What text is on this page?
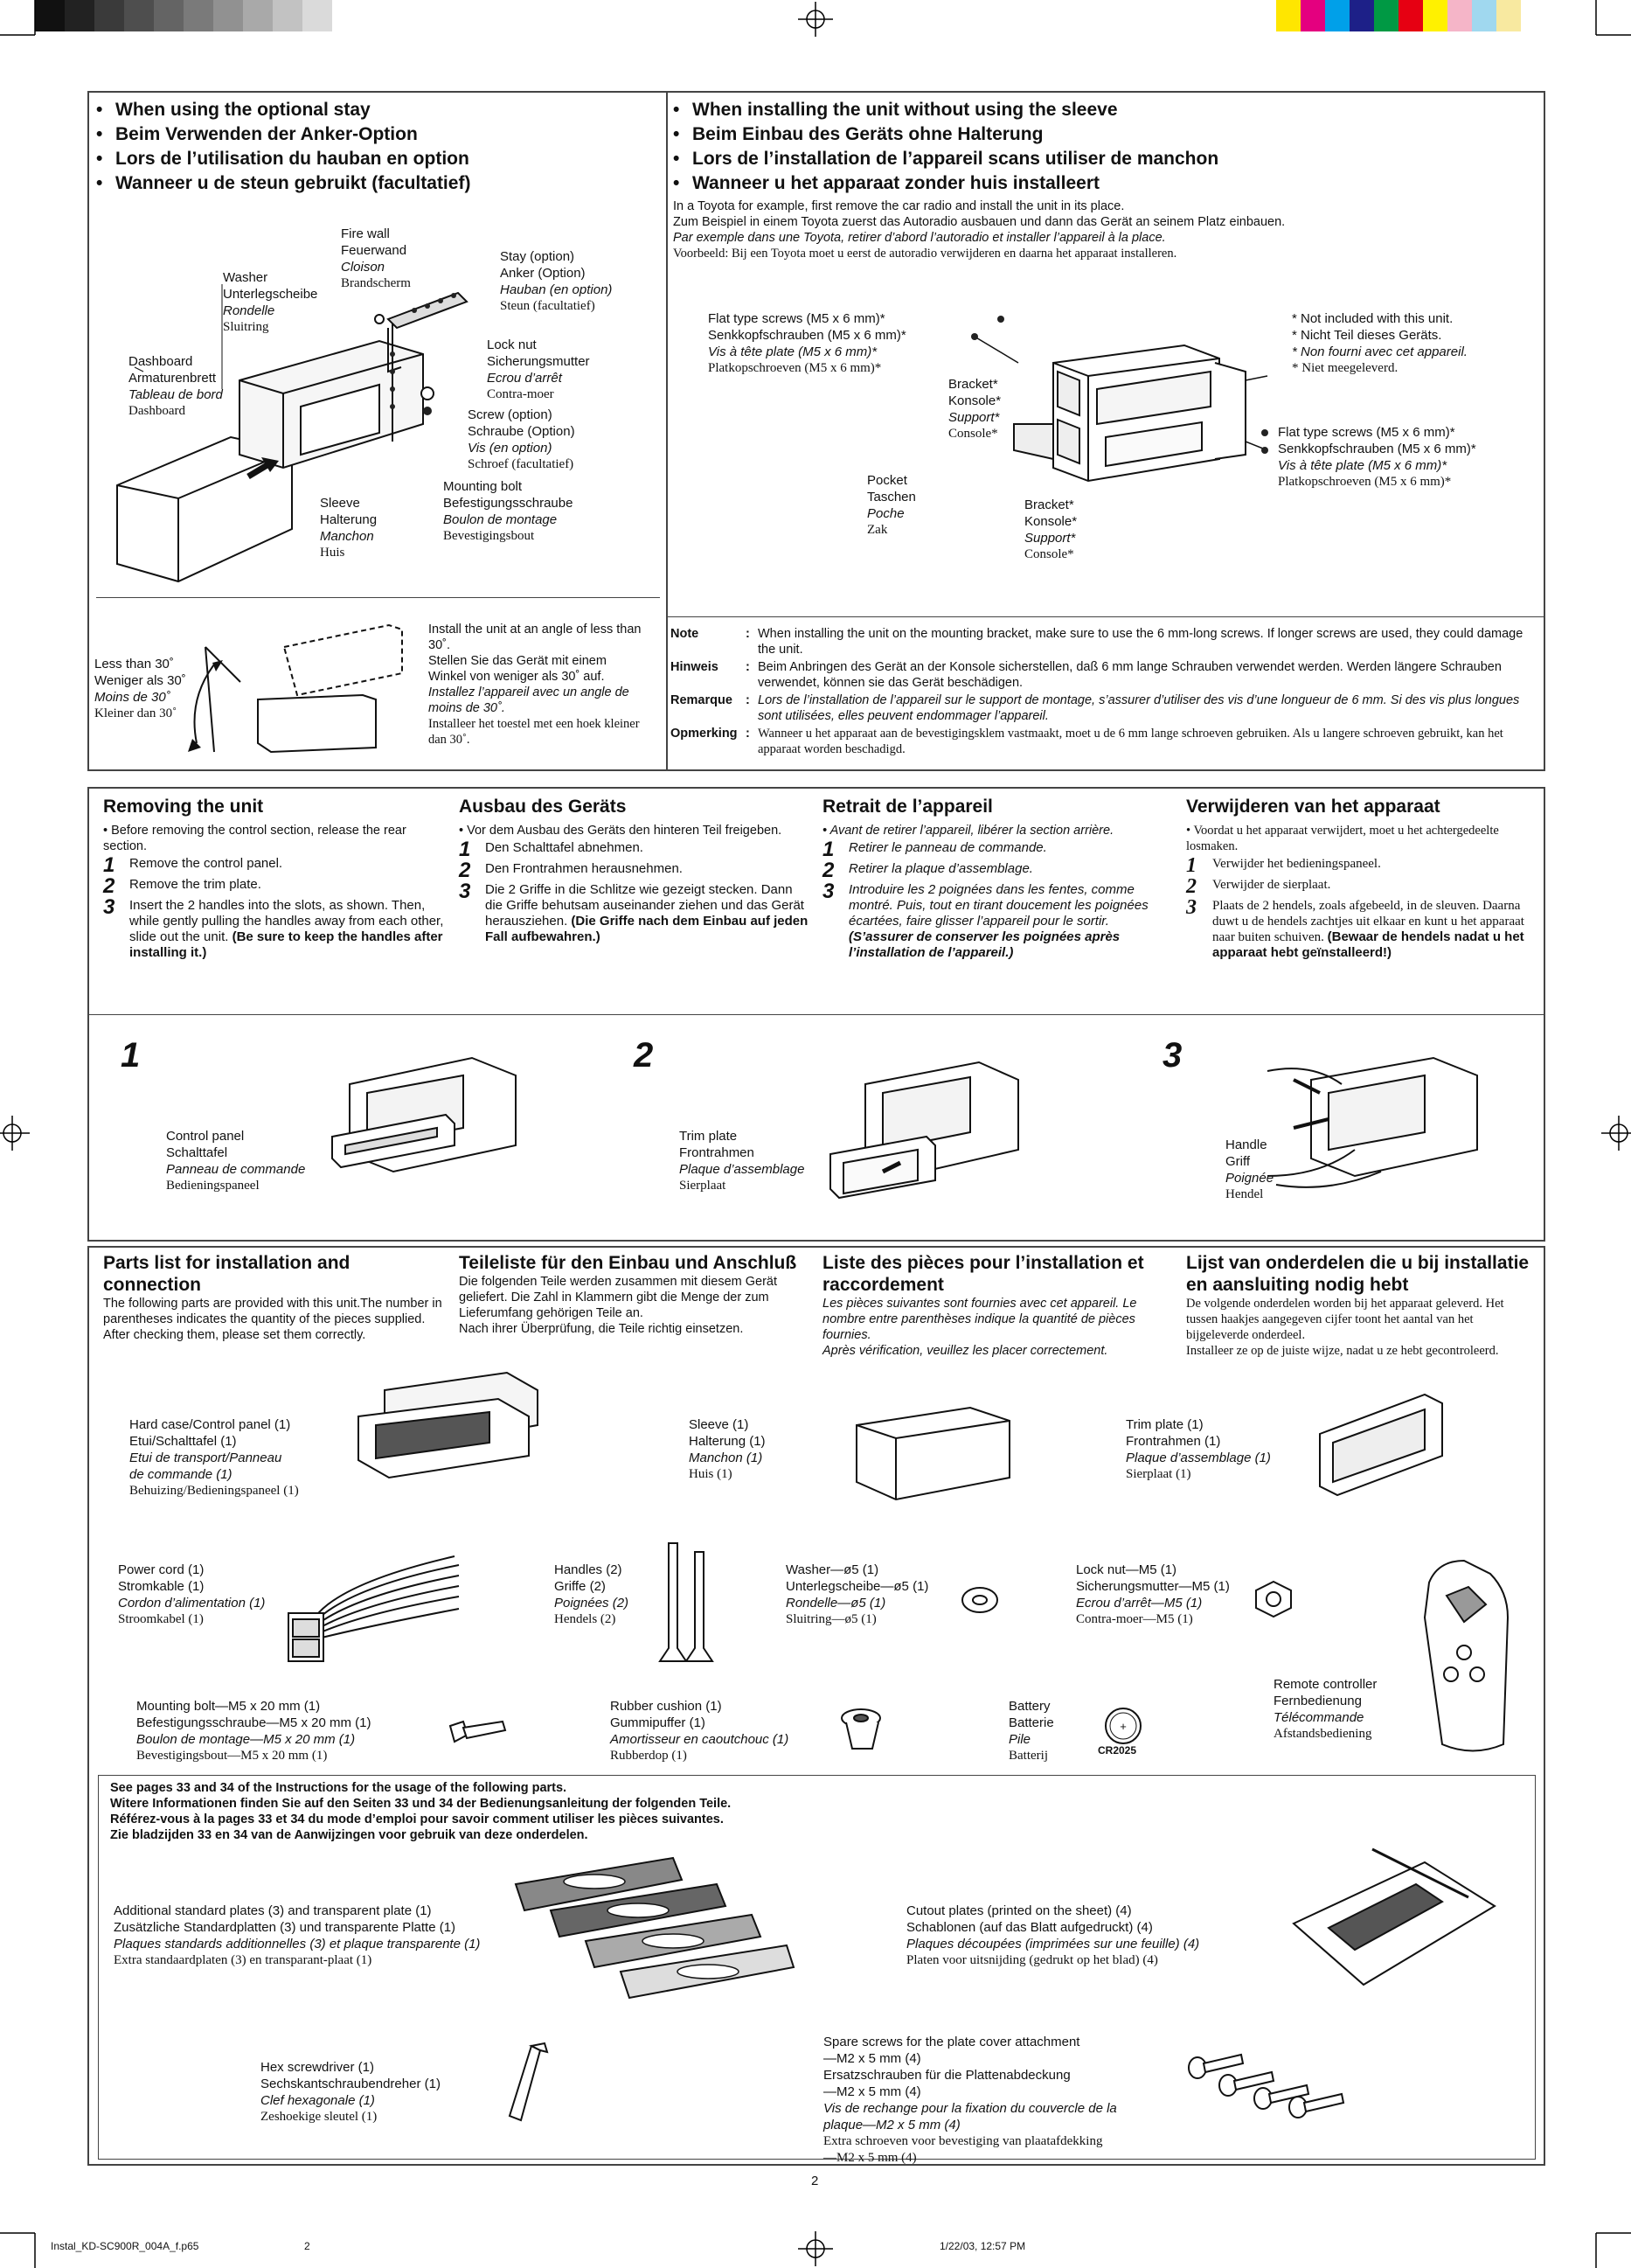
• When using the optional stay
• Beim Verwenden der Anker-Option
• Lors de l’utilisation du hauban en option
• Wanneer u de steun gebruikt (facultatief)
Fire wall
Feuerwand
Cloison
Brandscherm
Washer
Unterlegscheibe
Rondelle
Sluitring
Stay (option)
Anker (Option)
Hauban (en option)
Steun (facultatief)
Dashboard
Armaturenbrett
Tableau de bord
Dashboard
Lock nut
Sicherungsmutter
Ecrou d’arrêt
Contra-moer
Screw (option)
Schraube (Option)
Vis (en option)
Schroef (facultatief)
Sleeve
Halterung
Manchon
Huis
Mounting bolt
Befestigungsschraube
Boulon de montage
Bevestigingsbout
Less than 30˚
Weniger als 30˚
Moins de 30˚
Kleiner dan 30˚
Install the unit at an angle of less than 30˚.
Stellen Sie das Gerät mit einem Winkel von weniger als 30˚ auf.
Installez l’appareil avec un angle de moins de 30˚.
Installeer het toestel met een hoek kleiner dan 30˚.
• When installing the unit without using the sleeve
• Beim Einbau des Geräts ohne Halterung
• Lors de l’installation de l’appareil scans utiliser de manchon
• Wanneer u het apparaat zonder huis installeert
In a Toyota for example, first remove the car radio and install the unit in its place.
Zum Beispiel in einem Toyota zuerst das Autoradio ausbauen und dann das Gerät an seinem Platz einbauen.
Par exemple dans une Toyota, retirer d’abord l’autoradio et installer l’appareil à la place.
Voorbeeld: Bij een Toyota moet u eerst de autoradio verwijderen en daarna het apparaat installeren.
Flat type screws (M5 x 6 mm)*
Senkkopfschrauben (M5 x 6 mm)*
Vis à tête plate (M5 x 6 mm)*
Platkopschroeven (M5 x 6 mm)*
* Not included with this unit.
* Nicht Teil dieses Geräts.
* Non fourni avec cet appareil.
* Niet meegeleverd.
Bracket*
Konsole*
Support*
Console*	Flat type screws (M5 x 6 mm)*
Senkkopfschrauben (M5 x 6 mm)*
Vis à tête plate (M5 x 6 mm)*
Platkopschroeven (M5 x 6 mm)*
Pocket
Taschen
Poche
Zak
Bracket*
Konsole*
Support*
Console*
Note	:	When installing the unit on the mounting bracket, make sure to use the 6 mm-long screws. If longer screws are used, they could damage the unit.
Hinweis	:	Beim Anbringen des Gerät an der Konsole sicherstellen, daß 6 mm lange Schrauben verwendet werden. Werden längere Schrauben verwendet, können sie das Gerät beschädigen.
Remarque	:	Lors de l’installation de l’appareil sur le support de montage, s’assurer d’utiliser des vis d’une longueur de 6 mm. Si des vis plus longues sont utilisées, elles peuvent endommager l’appareil.
Opmerking	:	Wanneer u het apparaat aan de bevestigingsklem vastmaakt, moet u de 6 mm lange schroeven gebruiken. Als u langere schroeven gebruikt, kan het apparaat worden beschadigd.
Removing the unit
• Before removing the control section, release the rear section.
1	Remove the control panel.
2	Remove the trim plate.
3	Insert the 2 handles into the slots, as shown. Then, while gently pulling the handles away from each other, slide out the unit. (Be sure to keep the handles after installing it.)
Ausbau des Geräts
• Vor dem Ausbau des Geräts den hinteren Teil freigeben.
1	Den Schalttafel abnehmen.
2	Den Frontrahmen herausnehmen.
3	Die 2 Griffe in die Schlitze wie gezeigt stecken. Dann die Griffe behutsam auseinander ziehen und das Gerät herausziehen. (Die Griffe nach dem Einbau auf jeden Fall aufbewahren.)
Retrait de l’appareil
• Avant de retirer l’appareil, libérer la section arrière.
1	Retirer le panneau de commande.
2	Retirer la plaque d’assemblage.
3	Introduire les 2 poignées dans les fentes, comme montré. Puis, tout en tirant doucement les poignées écartées, faire glisser l’appareil pour le sortir. (S’assurer de conserver les poignées après l’installation de l’appareil.)
Verwijderen van het apparaat
• Voordat u het apparaat verwijdert, moet u het achtergedeelte losmaken.
1	Verwijder het bedieningspaneel.
2	Verwijder de sierplaat.
3	Plaats de 2 hendels, zoals afgebeeld, in de sleuven. Daarna duwt u de hendels zachtjes uit elkaar en kunt u het apparaat naar buiten schuiven. (Bewaar de hendels nadat u het apparaat hebt geïnstalleerd!)
1	2	3
Control panel
Schalttafel
Panneau de commande
Bedieningspaneel
Trim plate
Frontrahmen
Plaque d’assemblage
Sierplaat
Handle
Griff
Poignée
Hendel
Parts list for installation and connection
The following parts are provided with this unit.The number in parentheses indicates the quantity of the pieces supplied.
After checking them, please set them correctly.
Teileliste für den Einbau und Anschluß
Die folgenden Teile werden zusammen mit diesem Gerät geliefert. Die Zahl in Klammern gibt die Menge der zum Lieferumfang gehörigen Teile an.
Nach ihrer Überprüfung, die Teile richtig einsetzen.
Liste des pièces pour l’installation et raccordement
Les pièces suivantes sont fournies avec cet appareil. Le nombre entre parenthèses indique la quantité de pièces fournies.
Après vérification, veuillez les placer correctement.
Lijst van onderdelen die u bij installatie en aansluiting nodig hebt
De volgende onderdelen worden bij het apparaat geleverd. Het tussen haakjes aangegeven cijfer toont het aantal van het bijgeleverde onderdeel.
Installeer ze op de juiste wijze, nadat u ze hebt gecontroleerd.
Hard case/Control panel (1)
Etui/Schalttafel (1)
Etui de transport/Panneau
de commande (1)
Behuizing/Bedieningspaneel (1)
Sleeve (1)
Halterung (1)
Manchon (1)
Huis (1)
Trim plate (1)
Frontrahmen (1)
Plaque d’assemblage (1)
Sierplaat (1)
Power cord (1)
Stromkable (1)
Cordon d’alimentation (1)
Stroomkabel (1)
Handles (2)
Griffe (2)
Poignées (2)
Hendels (2)
Washer—ø5 (1)
Unterlegscheibe—ø5 (1)
Rondelle—ø5 (1)
Sluitring—ø5 (1)
Lock nut—M5 (1)
Sicherungsmutter—M5 (1)
Ecrou d’arrêt—M5 (1)
Contra-moer—M5 (1)
Remote controller
Fernbedienung
Télécommande
Afstandsbediening
Mounting bolt—M5 x 20 mm (1)
Befestigungsschraube—M5 x 20 mm (1)
Boulon de montage—M5 x 20 mm (1)
Bevestigingsbout—M5 x 20 mm (1)
Rubber cushion (1)
Gummipuffer (1)
Amortisseur en caoutchouc (1)
Rubberdop (1)
+
CR2025
Battery
Batterie
Pile
Batterij
See pages 33 and 34 of the Instructions for the usage of the following parts.
Witere Informationen finden Sie auf den Seiten 33 und 34 der Bedienungsanleitung der folgenden Teile.
Référez-vous à la pages 33 et 34 du mode d’emploi pour savoir comment utiliser les pièces suivantes.
Zie bladzijden 33 en 34 van de Aanwijzingen voor gebruik van deze onderdelen.
Additional standard plates (3) and transparent plate (1)
Zusätzliche Standardplatten (3) und transparente Platte (1)
Plaques standards additionnelles (3) et plaque transparente (1)
Extra standaardplaten (3) en transparant-plaat (1)
Cutout plates (printed on the sheet) (4)
Schablonen (auf das Blatt aufgedruckt) (4)
Plaques découpées (imprimées sur une feuille) (4)
Platen voor uitsnijding (gedrukt op het blad) (4)
Hex screwdriver (1)
Sechskantschraubendreher (1)
Clef hexagonale (1)
Zeshoekige sleutel (1)
Spare screws for the plate cover attachment
—M2 x 5 mm (4)
Ersatzschrauben für die Plattenabdeckung
—M2 x 5 mm (4)
Vis de rechange pour la fixation du couvercle de la
plaque—M2 x 5 mm (4)
Extra schroeven voor bevestiging van plaatafdekking
—M2 x 5 mm (4)
2
Instal_KD-SC900R_004A_f.p65	2	1/22/03, 12:57 PM
